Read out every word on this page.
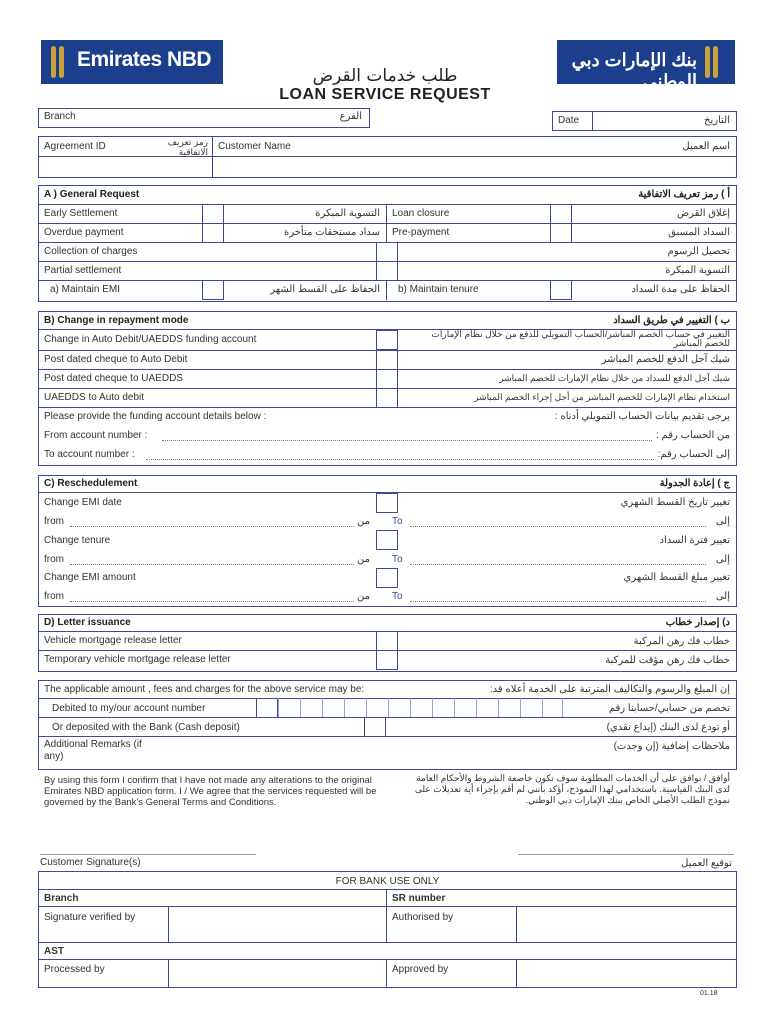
Emirates NBD	بنك الإمارات دبي الوطني
طلب خدمات القرض
LOAN SERVICE REQUEST
Branch	الفرع	Date	التاريخ
Agreement ID	رمز تعريف الاتفاقية Customer Name	اسم العميل
A ) General Request	أ ) رمز تعريف الاتفاقية
Early Settlement	التسوية المبكرة Loan closure	إغلاق القرض
Overdue payment	سداد مستحقات متأخرة Pre-payment	السداد المسبق
Collection of charges	تحصيل الرسوم
Partial settlement	التسوية المبكرة
a) Maintain EMI	الحفاظ على القسط الشهر b) Maintain tenure	الحفاظ على مدة السداد
B) Change in repayment mode	ب ) التغيير في طريق السداد
Change in Auto Debit/UAEDDS funding account	التغيير في حساب الخصم المباشر/الحساب التمويلي للدفع من خلال نظام الإمارات للخصم المباشر
Post dated cheque to Auto Debit	شيك آجل الدفع للخصم المباشر
Post dated cheque to UAEDDS	شيك آجل الدفع للسداد من خلال نظام الإمارات للخصم المباشر
UAEDDS to Auto debit	استخدام نظام الإمارات للخصم المباشر من أجل إجراء الخصم المباشر
Please provide the funding account details below :	يرجى تقديم بيانات الحساب التمويلي أدناه :
From account number :	من الحساب رقم :
To account number :	إلى الحساب رقم:
C) Reschedulement	ج ) إعادة الجدولة
Change EMI date	تغيير تاريخ القسط الشهري
from	من To	إلى
Change tenure	تغيير فترة السداد
from	من To	إلى
Change EMI amount	تغيير مبلغ القسط الشهري
from	من To	إلى
D) Letter issuance	د) إصدار خطاب
Vehicle mortgage release letter	خطاب فك رهن المركبة
Temporary vehicle mortgage release letter	خطاب فك رهن مؤقت للمركبة
The applicable amount , fees and charges for the above service may be:	إن المبلغ والرسوم والتكاليف المترتبة على الخدمة أعلاه قد:
Debited to my/our account number	تخصم من حسابي/حسابنا رقم
Or deposited with the Bank (Cash deposit)	أو تودع لدى البنك (إيداع نقدي)
Additional Remarks (if any)
ملاحظات إضافية (إن وجدت)
By using this form I confirm that I have not made any alterations to the original Emirates NBD application form. I / We agree that the services requested will be governed by the Bank's General Terms and Conditions.
أوافق / نوافق على أن الخدمات المطلوبة سوف تكون خاضعة الشروط والأحكام العامة لدى البنك القياسية. باستخدامي لهذا النموذج، أؤكد بأنني لم أقم بإجراء أية تعديلات على نموذج الطلب الأصلي الخاص ببنك الإمارات دبي الوطني.
Customer Signature(s)	توقيع العميل
FOR BANK USE ONLY
Branch	SR number
Signature verified by	Authorised by
AST
Processed by	Approved by
01.18
